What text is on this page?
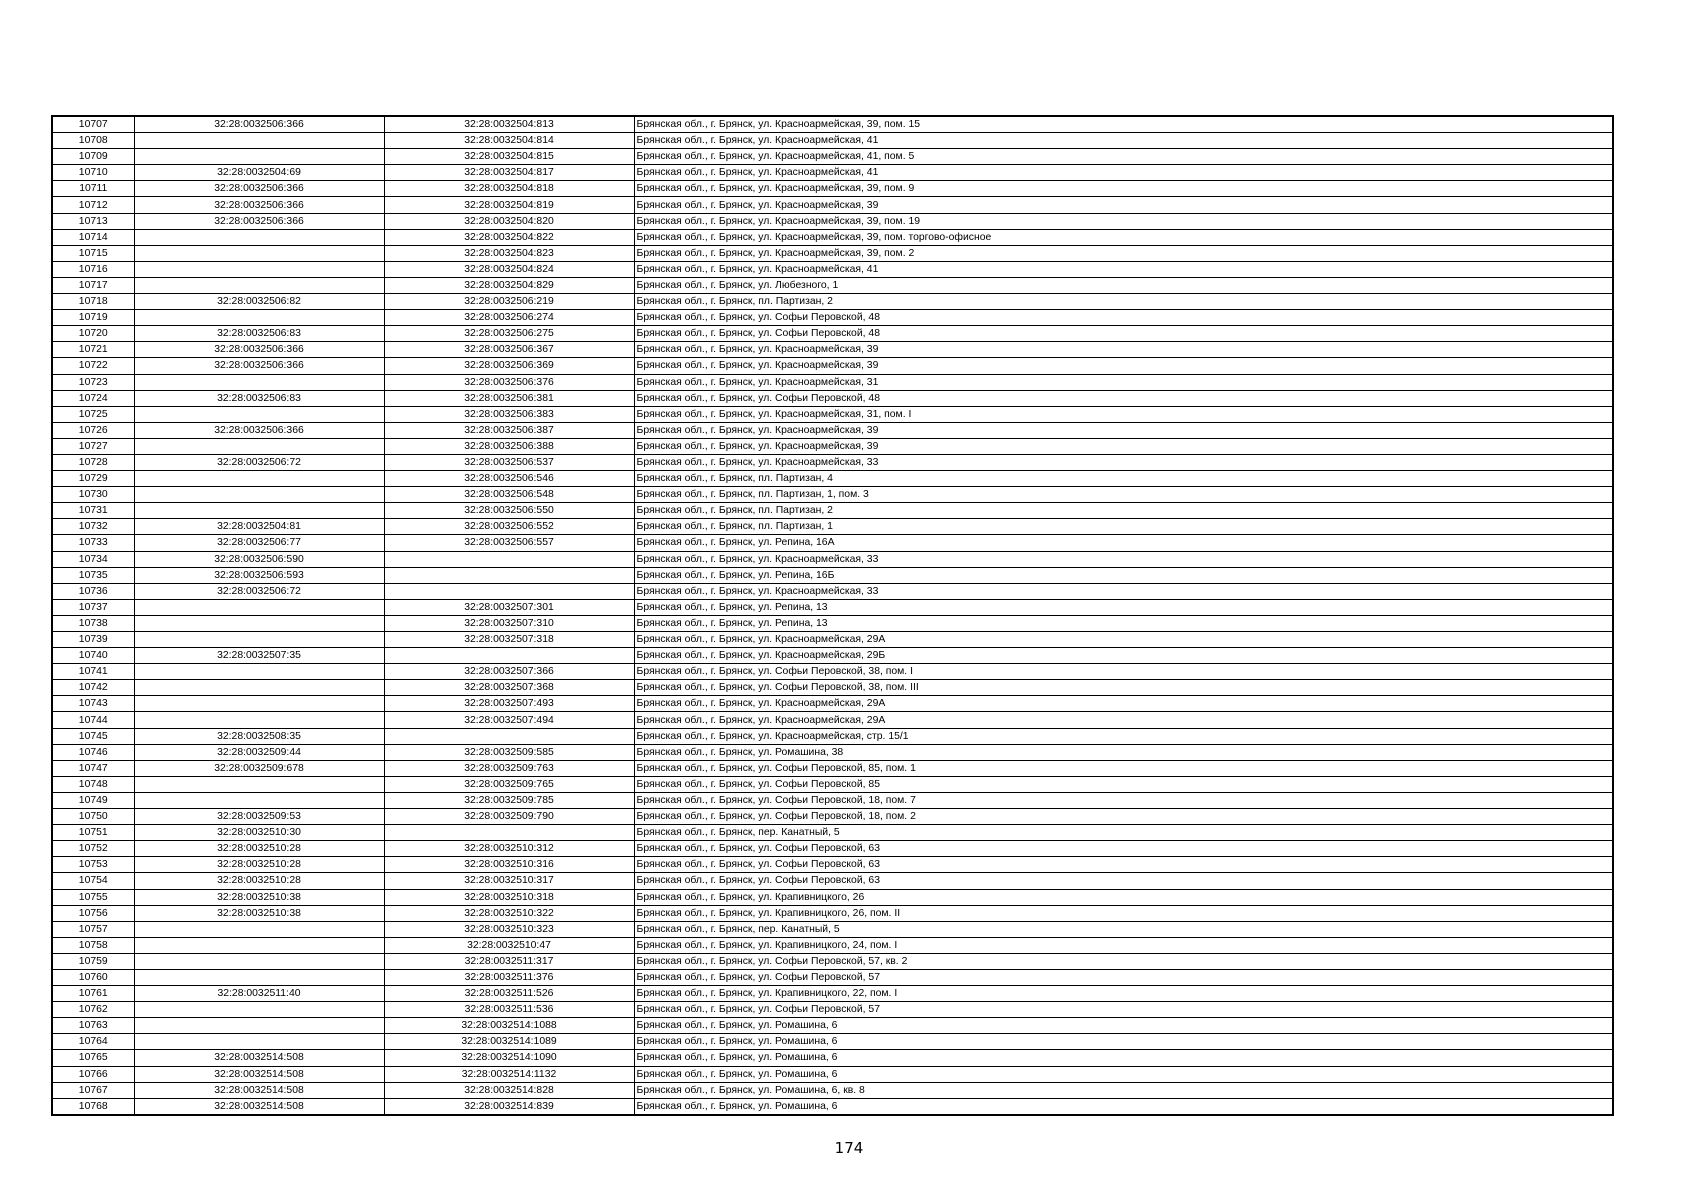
10707	32:28:0032506:366	32:28:0032504:813	Брянская обл., г. Брянск, ул. Красноармейская, 39, пом. 15
10708		32:28:0032504:814	Брянская обл., г. Брянск, ул. Красноармейская, 41
10709		32:28:0032504:815	Брянская обл., г. Брянск, ул. Красноармейская, 41, пом. 5
10710	32:28:0032504:69	32:28:0032504:817	Брянская обл., г. Брянск, ул. Красноармейская, 41
10711	32:28:0032506:366	32:28:0032504:818	Брянская обл., г. Брянск, ул. Красноармейская, 39, пом. 9
10712	32:28:0032506:366	32:28:0032504:819	Брянская обл., г. Брянск, ул. Красноармейская, 39
10713	32:28:0032506:366	32:28:0032504:820	Брянская обл., г. Брянск, ул. Красноармейская, 39, пом. 19
10714		32:28:0032504:822	Брянская обл., г. Брянск, ул. Красноармейская, 39, пом. торгово-офисное
10715		32:28:0032504:823	Брянская обл., г. Брянск, ул. Красноармейская, 39, пом. 2
10716		32:28:0032504:824	Брянская обл., г. Брянск, ул. Красноармейская, 41
10717		32:28:0032504:829	Брянская обл., г. Брянск, ул. Любезного, 1
10718	32:28:0032506:82	32:28:0032506:219	Брянская обл., г. Брянск, пл. Партизан, 2
10719		32:28:0032506:274	Брянская обл., г. Брянск, ул. Софьи Перовской, 48
10720	32:28:0032506:83	32:28:0032506:275	Брянская обл., г. Брянск, ул. Софьи Перовской, 48
10721	32:28:0032506:366	32:28:0032506:367	Брянская обл., г. Брянск, ул. Красноармейская, 39
10722	32:28:0032506:366	32:28:0032506:369	Брянская обл., г. Брянск, ул. Красноармейская, 39
10723		32:28:0032506:376	Брянская обл., г. Брянск, ул. Красноармейская, 31
10724	32:28:0032506:83	32:28:0032506:381	Брянская обл., г. Брянск, ул. Софьи Перовской, 48
10725		32:28:0032506:383	Брянская обл., г. Брянск, ул. Красноармейская, 31, пом. I
10726	32:28:0032506:366	32:28:0032506:387	Брянская обл., г. Брянск, ул. Красноармейская, 39
10727		32:28:0032506:388	Брянская обл., г. Брянск, ул. Красноармейская, 39
10728	32:28:0032506:72	32:28:0032506:537	Брянская обл., г. Брянск, ул. Красноармейская, 33
10729		32:28:0032506:546	Брянская обл., г. Брянск, пл. Партизан, 4
10730		32:28:0032506:548	Брянская обл., г. Брянск, пл. Партизан, 1, пом. 3
10731		32:28:0032506:550	Брянская обл., г. Брянск, пл. Партизан, 2
10732	32:28:0032504:81	32:28:0032506:552	Брянская обл., г. Брянск, пл. Партизан, 1
10733	32:28:0032506:77	32:28:0032506:557	Брянская обл., г. Брянск, ул. Репина, 16А
10734	32:28:0032506:590		Брянская обл., г. Брянск, ул. Красноармейская, 33
10735	32:28:0032506:593		Брянская обл., г. Брянск, ул. Репина, 16Б
10736	32:28:0032506:72		Брянская обл., г. Брянск, ул. Красноармейская, 33
10737		32:28:0032507:301	Брянская обл., г. Брянск, ул. Репина, 13
10738		32:28:0032507:310	Брянская обл., г. Брянск, ул. Репина, 13
10739		32:28:0032507:318	Брянская обл., г. Брянск, ул. Красноармейская, 29А
10740	32:28:0032507:35		Брянская обл., г. Брянск, ул. Красноармейская, 29Б
10741		32:28:0032507:366	Брянская обл., г. Брянск, ул. Софьи Перовской, 38, пом. I
10742		32:28:0032507:368	Брянская обл., г. Брянск, ул. Софьи Перовской, 38, пом. III
10743		32:28:0032507:493	Брянская обл., г. Брянск, ул. Красноармейская, 29А
10744		32:28:0032507:494	Брянская обл., г. Брянск, ул. Красноармейская, 29А
10745	32:28:0032508:35		Брянская обл., г. Брянск, ул. Красноармейская, стр. 15/1
10746	32:28:0032509:44	32:28:0032509:585	Брянская обл., г. Брянск, ул. Ромашина, 38
10747	32:28:0032509:678	32:28:0032509:763	Брянская обл., г. Брянск, ул. Софьи Перовской, 85, пом. 1
10748		32:28:0032509:765	Брянская обл., г. Брянск, ул. Софьи Перовской, 85
10749		32:28:0032509:785	Брянская обл., г. Брянск, ул. Софьи Перовской, 18, пом. 7
10750	32:28:0032509:53	32:28:0032509:790	Брянская обл., г. Брянск, ул. Софьи Перовской, 18, пом. 2
10751	32:28:0032510:30		Брянская обл., г. Брянск, пер. Канатный, 5
10752	32:28:0032510:28	32:28:0032510:312	Брянская обл., г. Брянск, ул. Софьи Перовской, 63
10753	32:28:0032510:28	32:28:0032510:316	Брянская обл., г. Брянск, ул. Софьи Перовской, 63
10754	32:28:0032510:28	32:28:0032510:317	Брянская обл., г. Брянск, ул. Софьи Перовской, 63
10755	32:28:0032510:38	32:28:0032510:318	Брянская обл., г. Брянск, ул. Крапивницкого, 26
10756	32:28:0032510:38	32:28:0032510:322	Брянская обл., г. Брянск, ул. Крапивницкого, 26, пом. II
10757		32:28:0032510:323	Брянская обл., г. Брянск, пер. Канатный, 5
10758		32:28:0032510:47	Брянская обл., г. Брянск, ул. Крапивницкого, 24, пом. I
10759		32:28:0032511:317	Брянская обл., г. Брянск, ул. Софьи Перовской, 57, кв. 2
10760		32:28:0032511:376	Брянская обл., г. Брянск, ул. Софьи Перовской, 57
10761	32:28:0032511:40	32:28:0032511:526	Брянская обл., г. Брянск, ул. Крапивницкого, 22, пом. I
10762		32:28:0032511:536	Брянская обл., г. Брянск, ул. Софьи Перовской, 57
10763		32:28:0032514:1088	Брянская обл., г. Брянск, ул. Ромашина, 6
10764		32:28:0032514:1089	Брянская обл., г. Брянск, ул. Ромашина, 6
10765	32:28:0032514:508	32:28:0032514:1090	Брянская обл., г. Брянск, ул. Ромашина, 6
10766	32:28:0032514:508	32:28:0032514:1132	Брянская обл., г. Брянск, ул. Ромашина, 6
10767	32:28:0032514:508	32:28:0032514:828	Брянская обл., г. Брянск, ул. Ромашина, 6, кв. 8
10768	32:28:0032514:508	32:28:0032514:839	Брянская обл., г. Брянск, ул. Ромашина, 6
174
